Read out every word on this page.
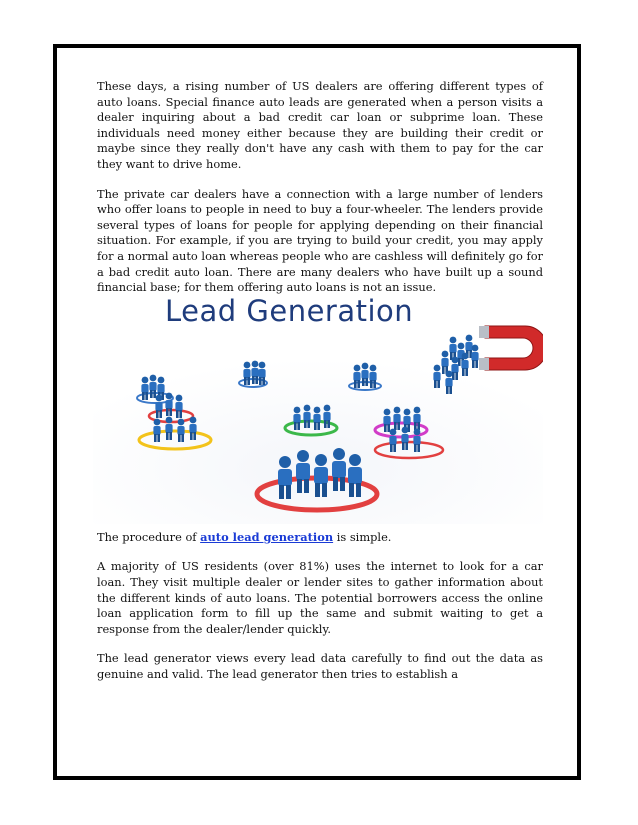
These days, a rising number of US dealers are offering different types of auto loans. Special finance auto leads are generated when a person visits a dealer inquiring about a bad credit car loan or subprime loan. These individuals need money either because they are building their credit or maybe since they really don't have any cash with them to pay for the car they want to drive home.

The private car dealers have a connection with a large number of lenders who offer loans to people in need to buy a four-wheeler. The lenders provide several types of loans for people for applying depending on their financial situation. For example, if you are trying to build your credit, you may apply for a normal auto loan whereas people who are cashless will definitely go for a bad credit auto loan. There are many dealers who have built up a sound financial base; for them offering auto loans is not an issue.

Lead Generation

The procedure of auto lead generation is simple.

A majority of US residents (over 81%) uses the internet to look for a car loan. They visit multiple dealer or lender sites to gather information about the different kinds of auto loans. The potential borrowers access the online loan application form to fill up the same and submit waiting to get a response from the dealer/lender quickly.

The lead generator views every lead data carefully to find out the data as genuine and valid. The lead generator then tries to establish a
